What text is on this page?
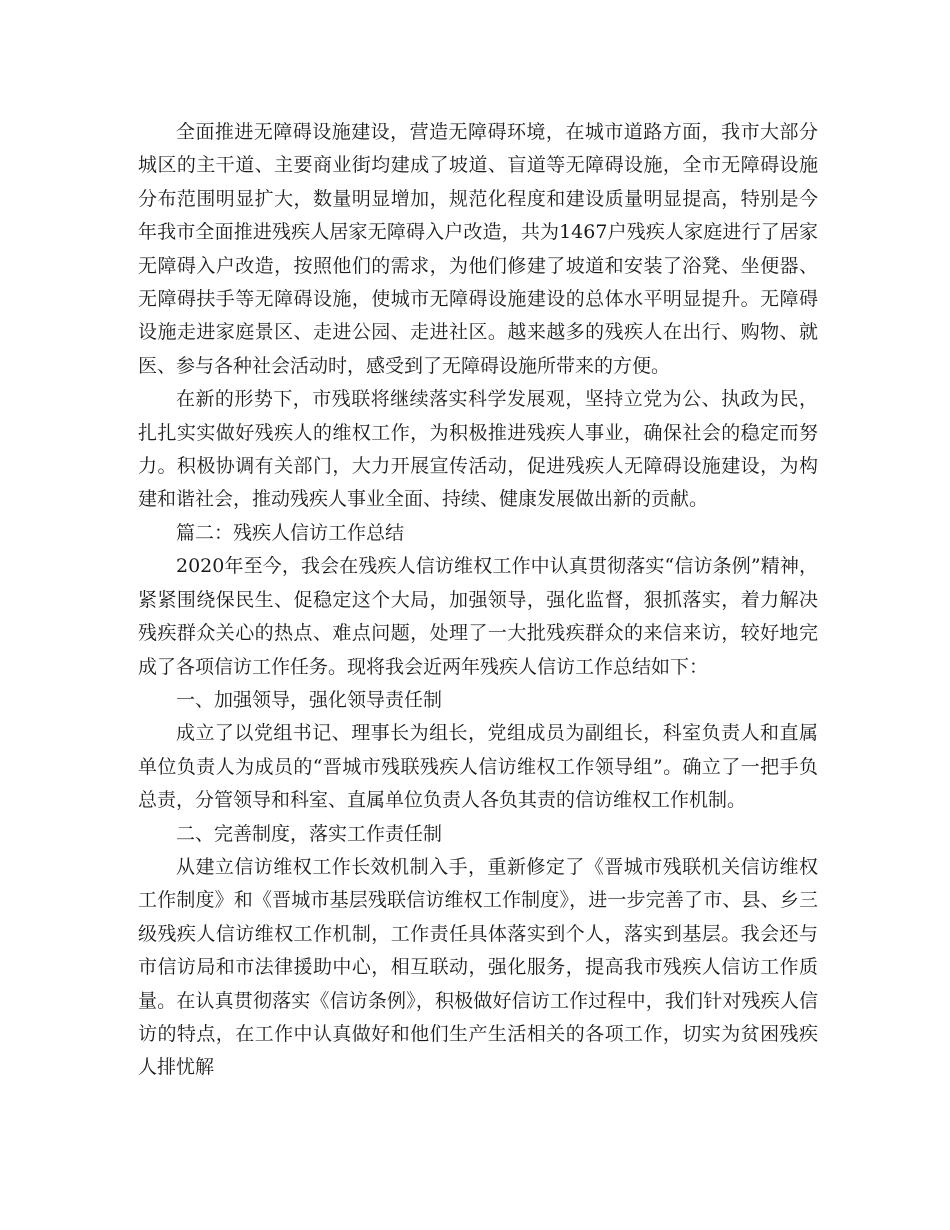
全面推进无障碍设施建设，营造无障碍环境，在城市道路方面，我市大部分城区的主干道、主要商业街均建成了坡道、盲道等无障碍设施，全市无障碍设施分布范围明显扩大，数量明显增加，规范化程度和建设质量明显提高，特别是今年我市全面推进残疾人居家无障碍入户改造，共为1467户残疾人家庭进行了居家无障碍入户改造，按照他们的需求，为他们修建了坡道和安装了浴凳、坐便器、无障碍扶手等无障碍设施，使城市无障碍设施建设的总体水平明显提升。无障碍设施走进家庭景区、走进公园、走进社区。越来越多的残疾人在出行、购物、就医、参与各种社会活动时，感受到了无障碍设施所带来的方便。

在新的形势下，市残联将继续落实科学发展观，坚持立党为公、执政为民，扎扎实实做好残疾人的维权工作，为积极推进残疾人事业，确保社会的稳定而努力。积极协调有关部门，大力开展宣传活动，促进残疾人无障碍设施建设，为构建和谐社会，推动残疾人事业全面、持续、健康发展做出新的贡献。

篇二：残疾人信访工作总结

2020年至今，我会在残疾人信访维权工作中认真贯彻落实“信访条例”精神，紧紧围绕保民生、促稳定这个大局，加强领导，强化监督，狠抓落实，着力解决残疾群众关心的热点、难点问题，处理了一大批残疾群众的来信来访，较好地完成了各项信访工作任务。现将我会近两年残疾人信访工作总结如下：

一、加强领导，强化领导责任制

成立了以党组书记、理事长为组长，党组成员为副组长，科室负责人和直属单位负责人为成员的“晋城市残联残疾人信访维权工作领导组”。确立了一把手负总责，分管领导和科室、直属单位负责人各负其责的信访维权工作机制。

二、完善制度，落实工作责任制

从建立信访维权工作长效机制入手，重新修定了《晋城市残联机关信访维权工作制度》和《晋城市基层残联信访维权工作制度》，进一步完善了市、县、乡三级残疾人信访维权工作机制，工作责任具体落实到个人，落实到基层。我会还与市信访局和市法律援助中心，相互联动，强化服务，提高我市残疾人信访工作质量。在认真贯彻落实《信访条例》，积极做好信访工作过程中，我们针对残疾人信访的特点，在工作中认真做好和他们生产生活相关的各项工作，切实为贫困残疾人排忧解
